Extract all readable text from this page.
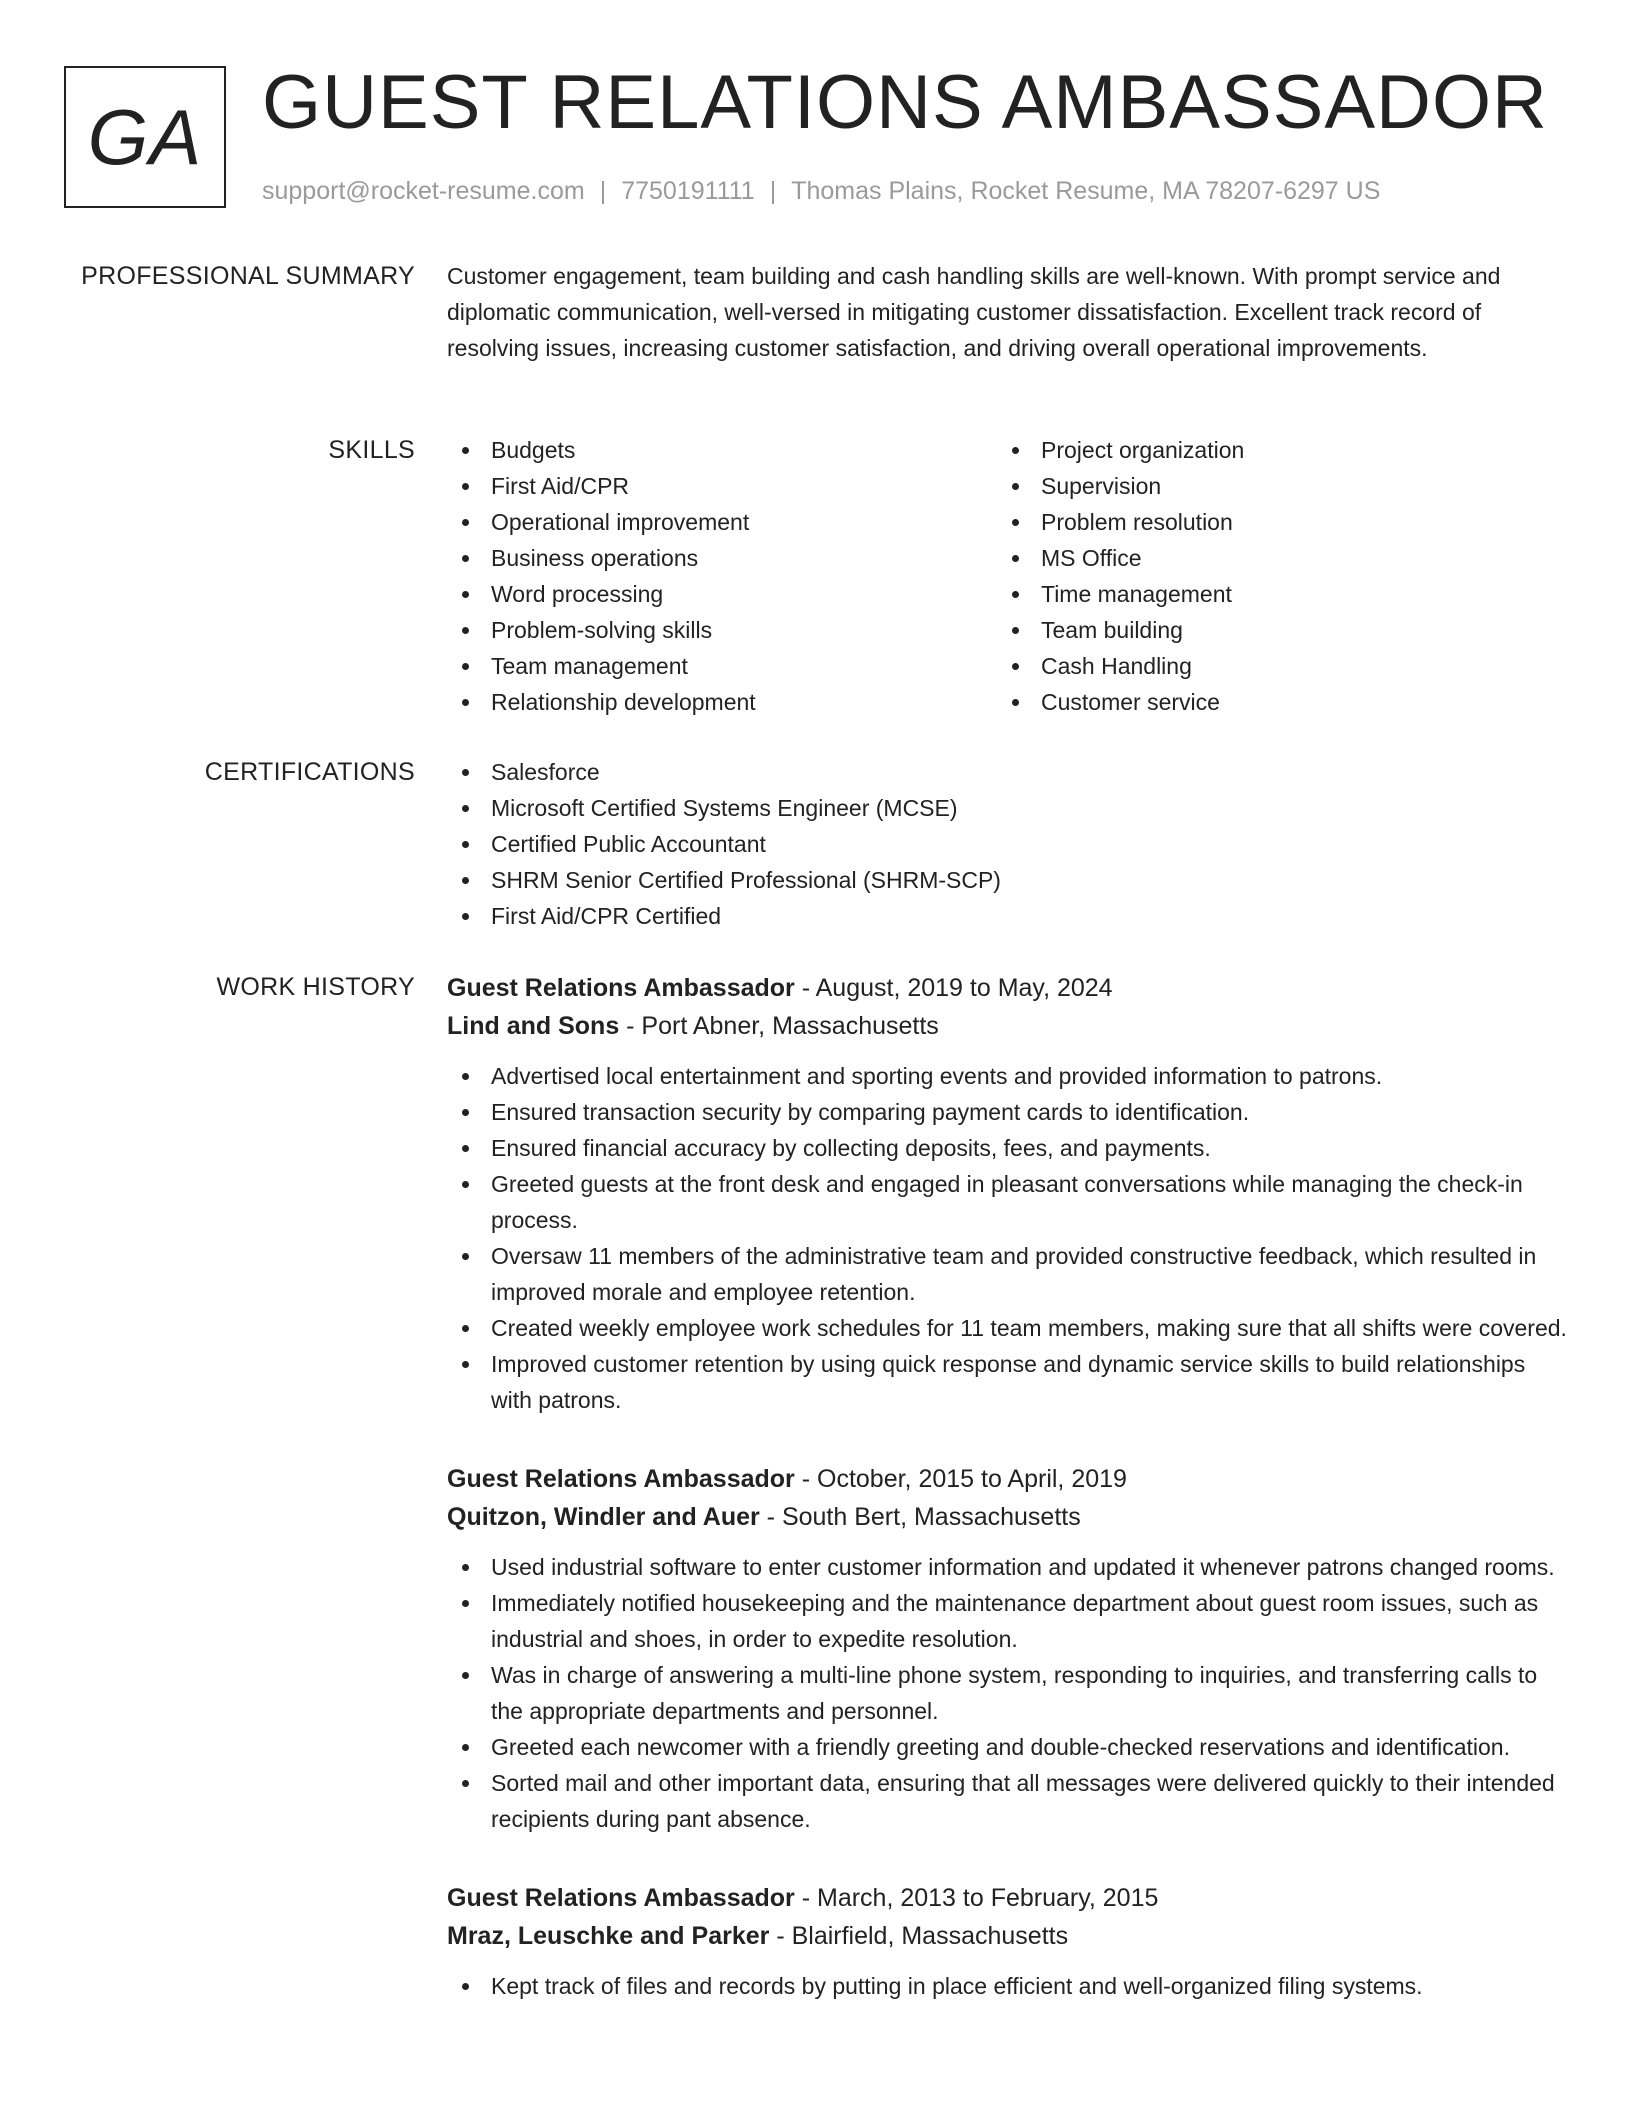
GA GUEST RELATIONS AMBASSADOR
support@rocket-resume.com | 7750191111 | Thomas Plains, Rocket Resume, MA 78207-6297 US
PROFESSIONAL SUMMARY Customer engagement, team building and cash handling skills are well-known. With prompt service and diplomatic communication, well-versed in mitigating customer dissatisfaction. Excellent track record of resolving issues, increasing customer satisfaction, and driving overall operational improvements.

SKILLS	Budgets
First Aid/CPR
Operational improvement
Business operations
Word processing
Problem-solving skills
Team management
Relationship development
Project organization
Supervision
Problem resolution
MS Office
Time management
Team building
Cash Handling
Customer service
CERTIFICATIONS	Salesforce
Microsoft Certified Systems Engineer (MCSE)
Certified Public Accountant
SHRM Senior Certified Professional (SHRM-SCP)
First Aid/CPR Certified
WORK HISTORY Guest Relations Ambassador - August, 2019 to May, 2024
Lind and Sons - Port Abner, Massachusetts
Advertised local entertainment and sporting events and provided information to patrons.
Ensured transaction security by comparing payment cards to identification.
Ensured financial accuracy by collecting deposits, fees, and payments.
Greeted guests at the front desk and engaged in pleasant conversations while managing the check-in process.
Oversaw 11 members of the administrative team and provided constructive feedback, which resulted in improved morale and employee retention.
Created weekly employee work schedules for 11 team members, making sure that all shifts were covered.
Improved customer retention by using quick response and dynamic service skills to build relationships with patrons.
Guest Relations Ambassador - October, 2015 to April, 2019
Quitzon, Windler and Auer - South Bert, Massachusetts
Used industrial software to enter customer information and updated it whenever patrons changed rooms.
Immediately notified housekeeping and the maintenance department about guest room issues, such as industrial and shoes, in order to expedite resolution.
Was in charge of answering a multi-line phone system, responding to inquiries, and transferring calls to the appropriate departments and personnel.
Greeted each newcomer with a friendly greeting and double-checked reservations and identification.
Sorted mail and other important data, ensuring that all messages were delivered quickly to their intended recipients during pant absence.
Guest Relations Ambassador - March, 2013 to February, 2015
Mraz, Leuschke and Parker - Blairfield, Massachusetts
Kept track of files and records by putting in place efficient and well-organized filing systems.
